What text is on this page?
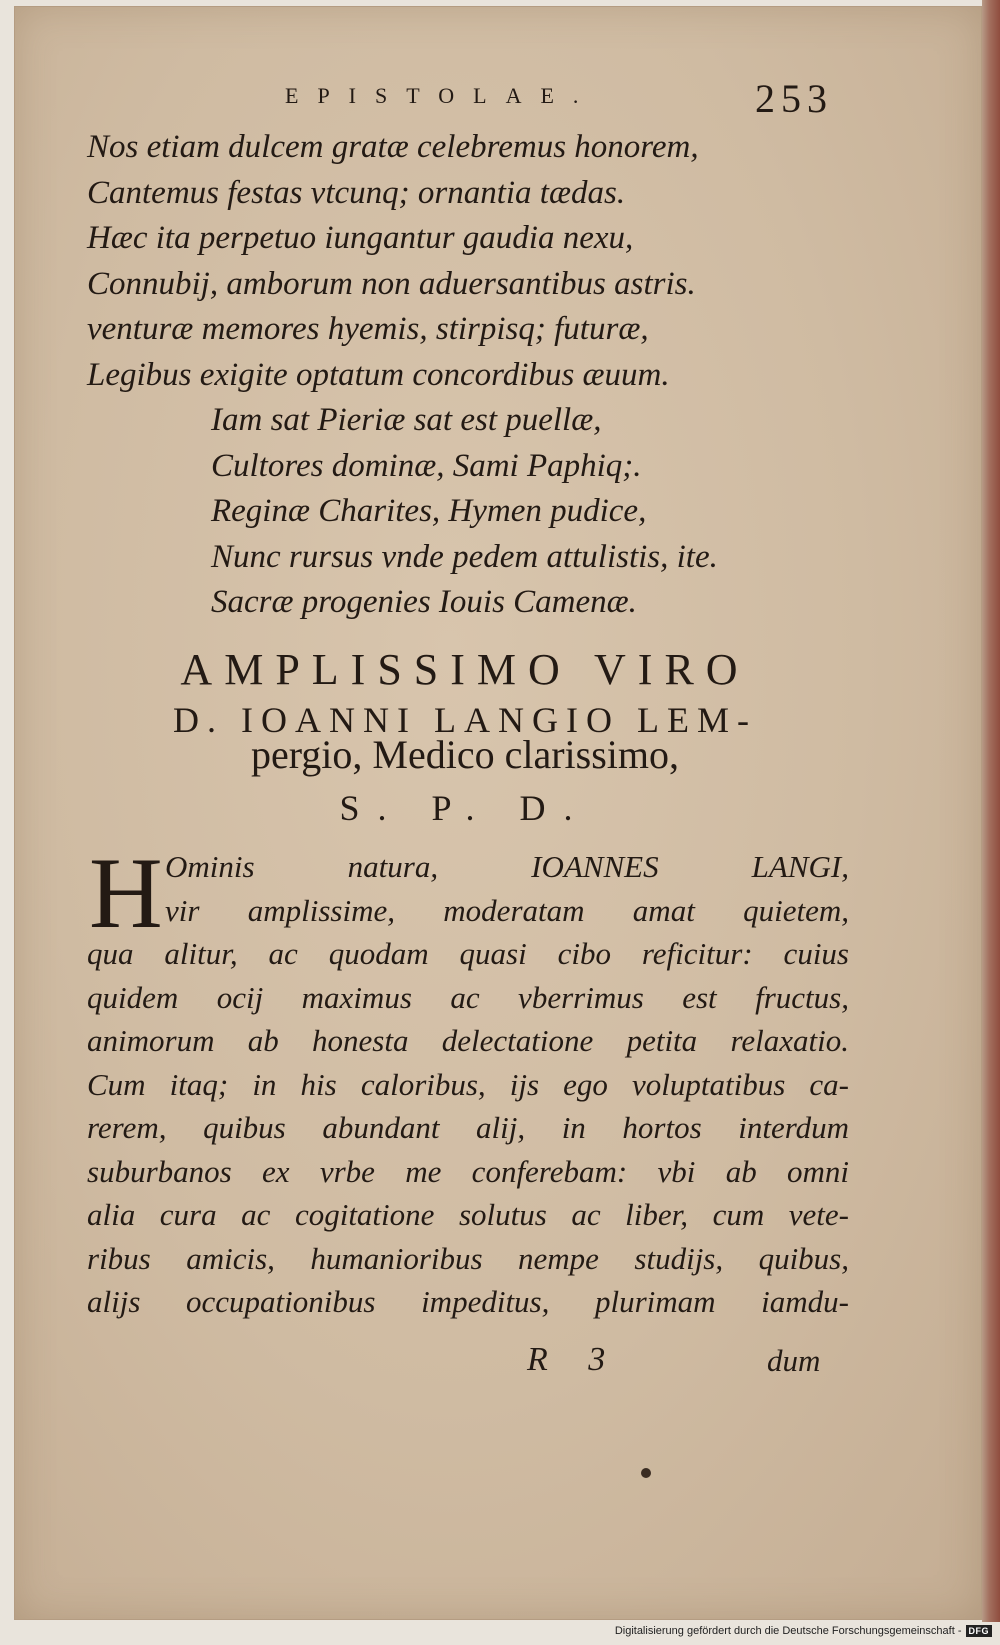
EPISTOLAE.	253
Nos etiam dulcem gratæ celebremus honorem,
Cantemus festas vtcunq; ornantia tædas.
Hæc ita perpetuo iungantur gaudia nexu,
Connubij, amborum non aduersantibus astris.
venturæ memores hyemis, stirpisq; futuræ,
Legibus exigite optatum concordibus æuum.
Iam sat Pieriæ sat est puellæ,
Cultores dominæ, Sami Paphiq;.
Reginæ Charites, Hymen pudice,
Nunc rursus vnde pedem attulistis, ite.
Sacræ progenies Iouis Camenæ.
AMPLISSIMO VIRO
D. IOANNI LANGIO LEM-
pergio, Medico clarissimo,
S. P. D.
H Ominis natura, IOANNES LANGI,
vir amplissime, moderatam amat quietem,
qua alitur, ac quodam quasi cibo reficitur: cuius
quidem ocij maximus ac vberrimus est fructus,
animorum ab honesta delectatione petita relaxatio.
Cum itaq; in his caloribus, ijs ego voluptatibus ca-
rerem, quibus abundant alij, in hortos interdum
suburbanos ex vrbe me conferebam: vbi ab omni
alia cura ac cogitatione solutus ac liber, cum vete-
ribus amicis, humanioribus nempe studijs, quibus,
alijs occupationibus impeditus, plurimam iamdu-
R 3	dum
Digitalisierung gefördert durch die Deutsche Forschungsgemeinschaft - DFG
